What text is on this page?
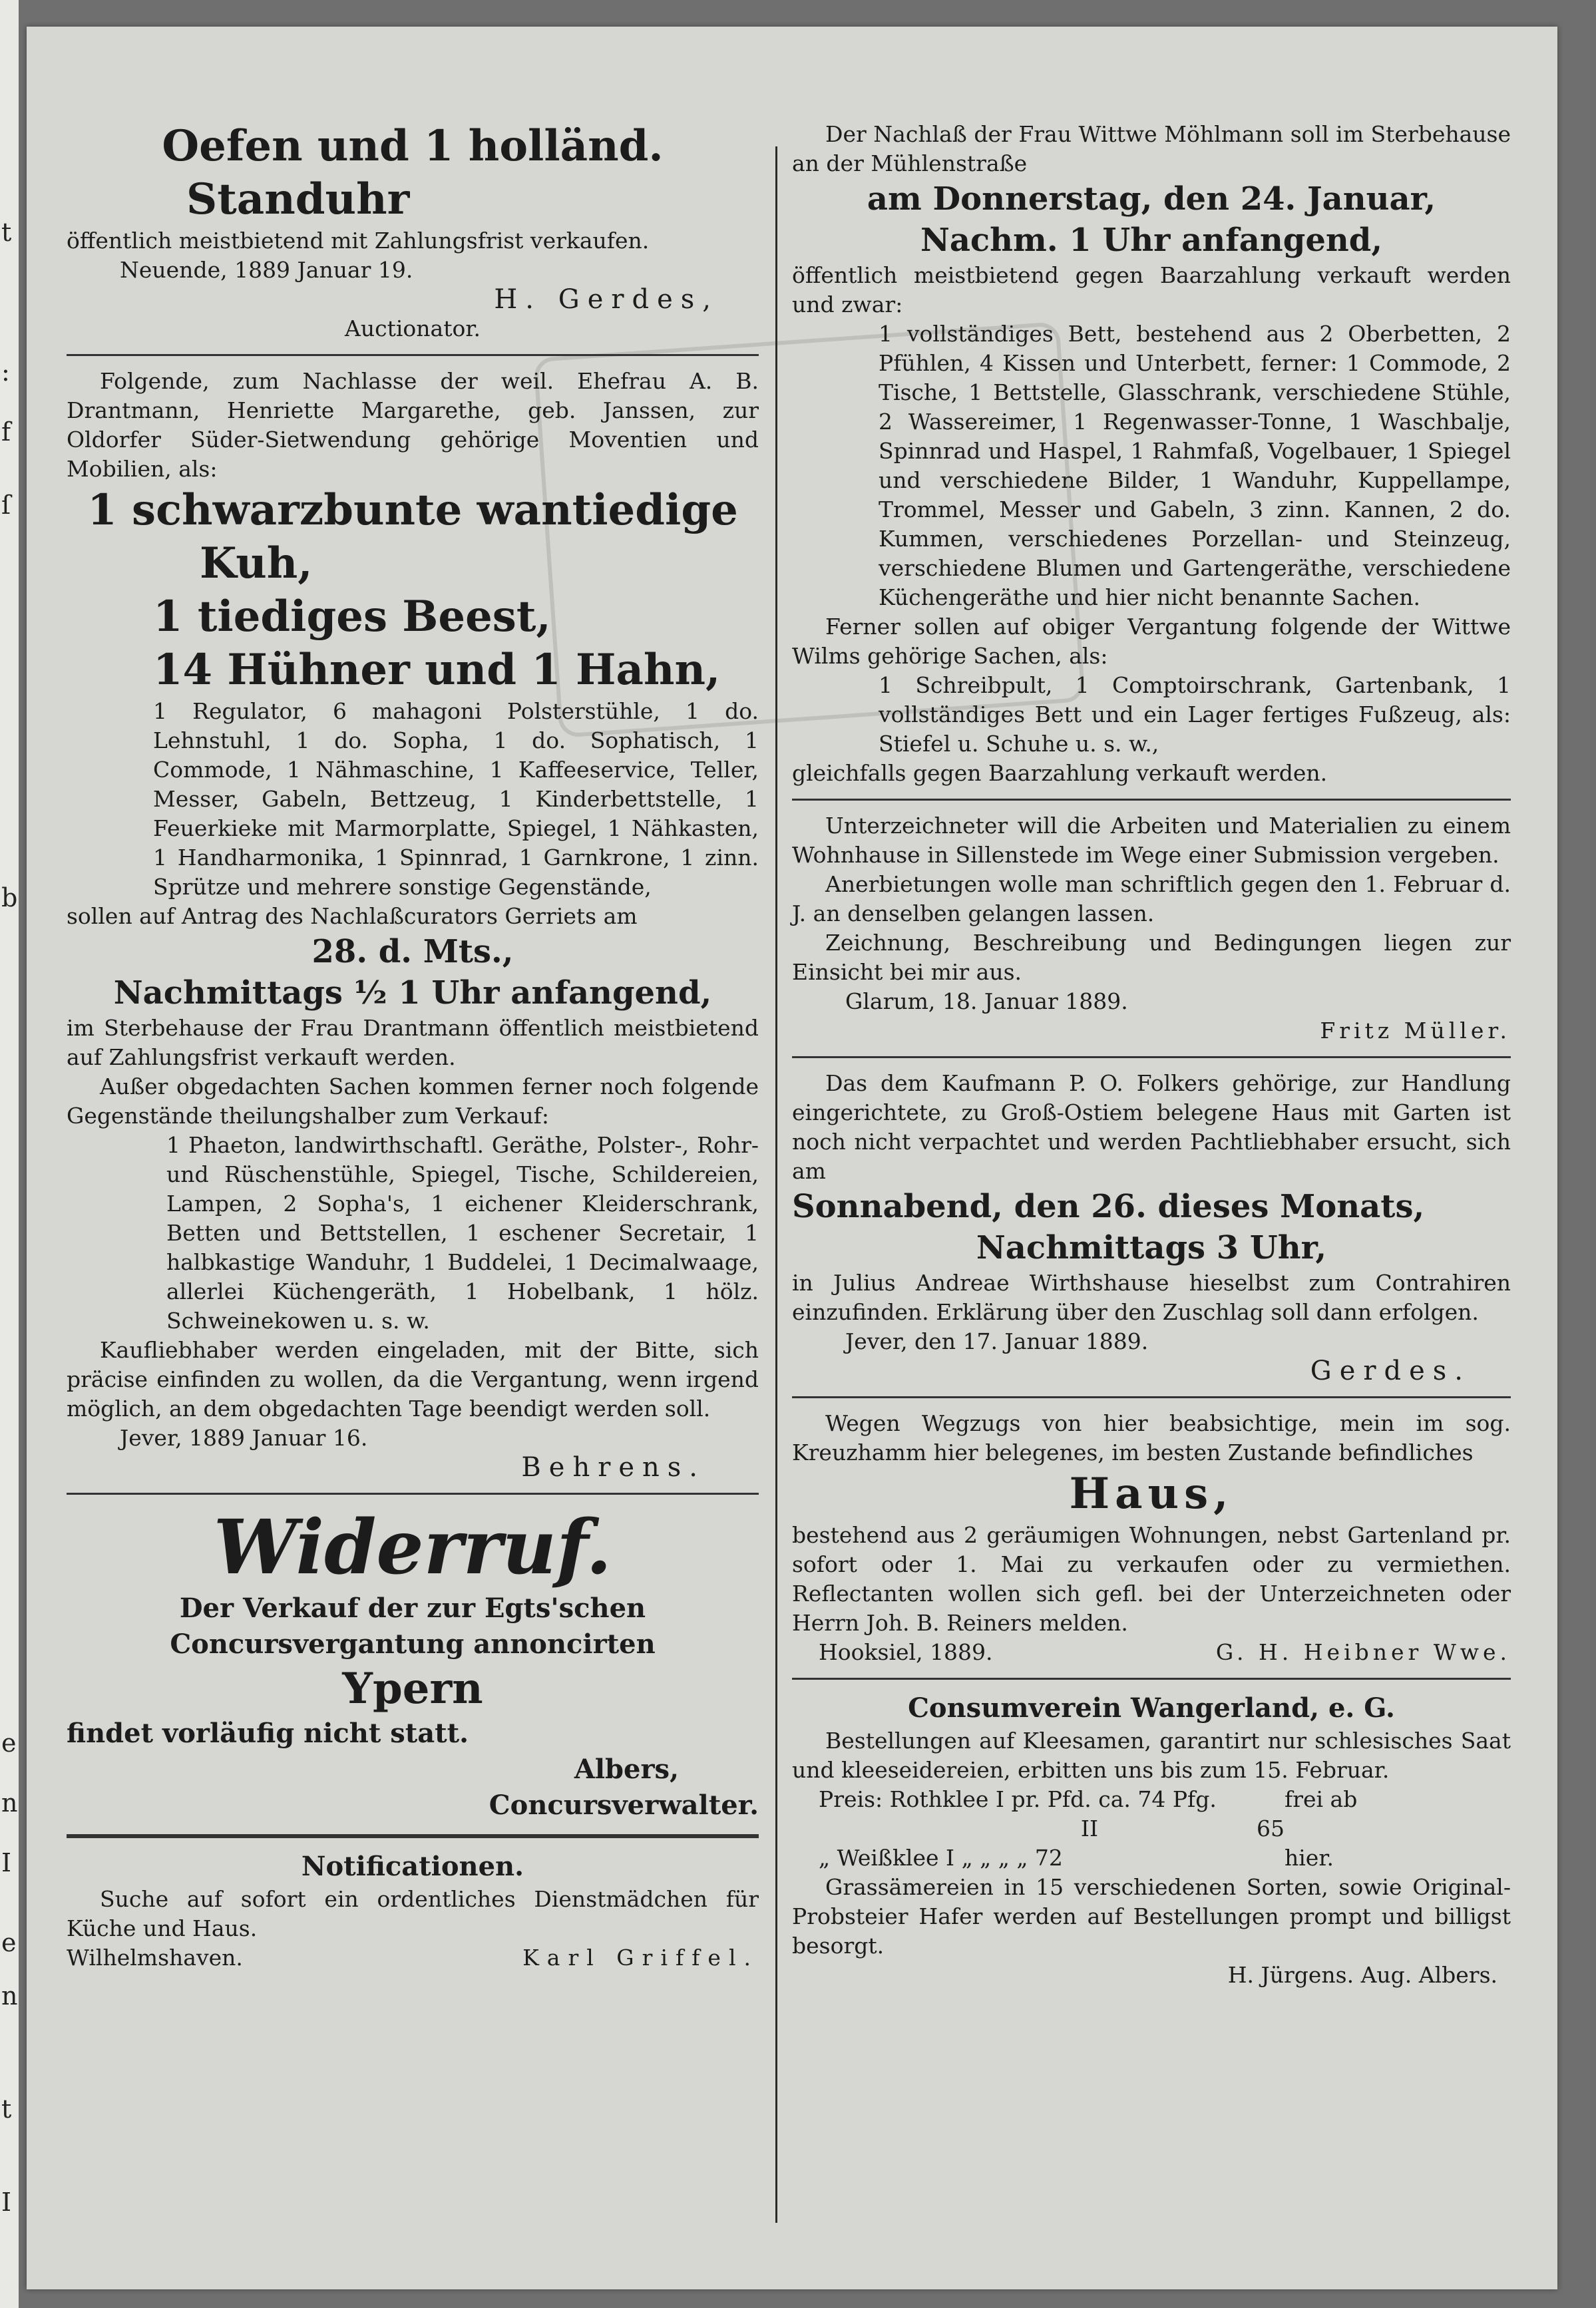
t
:
f
ſ
b
e
n
I
e
n
t
I

Oefen und 1 holländ.

Standuhr

öffentlich meistbietend mit Zahlungsfrist verkaufen.

Neuende, 1889 Januar 19.

H. Gerdes,

Auctionator.

Folgende, zum Nachlasse der weil. Ehefrau A. B. Drantmann, Henriette Margarethe, geb. Janssen, zur Oldorfer Süder-Sietwendung gehörige Moventien und Mobilien, als:

1 schwarzbunte wantiedige

Kuh,

1 tiediges Beest,

14 Hühner und 1 Hahn,

1 Regulator, 6 mahagoni Polsterstühle, 1 do. Lehnstuhl, 1 do. Sopha, 1 do. Sophatisch, 1 Commode, 1 Nähmaschine, 1 Kaffeeservice, Teller, Messer, Gabeln, Bettzeug, 1 Kinderbettstelle, 1 Feuerkieke mit Marmorplatte, Spiegel, 1 Nähkasten, 1 Handharmonika, 1 Spinnrad, 1 Garnkrone, 1 zinn. Sprütze und mehrere sonstige Gegenstände,

sollen auf Antrag des Nachlaßcurators Gerriets am

28. d. Mts.,

Nachmittags ½ 1 Uhr anfangend,

im Sterbehause der Frau Drantmann öffentlich meistbietend auf Zahlungsfrist verkauft werden.

Außer obgedachten Sachen kommen ferner noch folgende Gegenstände theilungshalber zum Verkauf:

1 Phaeton, landwirthschaftl. Geräthe, Polster-, Rohr- und Rüschenstühle, Spiegel, Tische, Schildereien, Lampen, 2 Sopha's, 1 eichener Kleiderschrank, Betten und Bettstellen, 1 eschener Secretair, 1 halbkastige Wanduhr, 1 Buddelei, 1 Decimalwaage, allerlei Küchengeräth, 1 Hobelbank, 1 hölz. Schweinekowen u. s. w.

Kaufliebhaber werden eingeladen, mit der Bitte, sich präcise einfinden zu wollen, da die Vergantung, wenn irgend möglich, an dem obgedachten Tage beendigt werden soll.

Jever, 1889 Januar 16.

Behrens.

Widerruf.

Der Verkauf der zur Egts'schen

Concursvergantung annoncirten

Ypern

findet vorläufig nicht statt.

Albers,

Concursverwalter.

Notificationen.

Suche auf sofort ein ordentliches Dienstmädchen für Küche und Haus.

Wilhelmshaven.	Karl Griffel.

Der Nachlaß der Frau Wittwe Möhlmann soll im Sterbehause an der Mühlenstraße

am Donnerstag, den 24. Januar,

Nachm. 1 Uhr anfangend,

öffentlich meistbietend gegen Baarzahlung verkauft werden und zwar:

1 vollständiges Bett, bestehend aus 2 Oberbetten, 2 Pfühlen, 4 Kissen und Unterbett, ferner: 1 Commode, 2 Tische, 1 Bettstelle, Glasschrank, verschiedene Stühle, 2 Wassereimer, 1 Regenwasser-Tonne, 1 Waschbalje, Spinnrad und Haspel, 1 Rahmfaß, Vogelbauer, 1 Spiegel und verschiedene Bilder, 1 Wanduhr, Kuppellampe, Trommel, Messer und Gabeln, 3 zinn. Kannen, 2 do. Kummen, verschiedenes Porzellan- und Steinzeug, verschiedene Blumen und Gartengeräthe, verschiedene Küchengeräthe und hier nicht benannte Sachen.

Ferner sollen auf obiger Vergantung folgende der Wittwe Wilms gehörige Sachen, als:

1 Schreibpult, 1 Comptoirschrank, Gartenbank, 1 vollständiges Bett und ein Lager fertiges Fußzeug, als: Stiefel u. Schuhe u. s. w.,

gleichfalls gegen Baarzahlung verkauft werden.

Unterzeichneter will die Arbeiten und Materialien zu einem Wohnhause in Sillenstede im Wege einer Submission vergeben.

Anerbietungen wolle man schriftlich gegen den 1. Februar d. J. an denselben gelangen lassen.

Zeichnung, Beschreibung und Bedingungen liegen zur Einsicht bei mir aus.

Glarum, 18. Januar 1889.

Fritz Müller.

Das dem Kaufmann P. O. Folkers gehörige, zur Handlung eingerichtete, zu Groß-Ostiem belegene Haus mit Garten ist noch nicht verpachtet und werden Pachtliebhaber ersucht, sich am

Sonnabend, den 26. dieses Monats,

Nachmittags 3 Uhr,

in Julius Andreae Wirthshause hieselbst zum Contrahiren einzufinden. Erklärung über den Zuschlag soll dann erfolgen.

Jever, den 17. Januar 1889.

Gerdes.

Wegen Wegzugs von hier beabsichtige, mein im sog. Kreuzhamm hier belegenes, im besten Zustande befindliches

Haus,

bestehend aus 2 geräumigen Wohnungen, nebst Gartenland pr. sofort oder 1. Mai zu verkaufen oder zu vermiethen. Reflectanten wollen sich gefl. bei der Unterzeichneten oder Herrn Joh. B. Reiners melden.

Hooksiel, 1889.	G. H. Heibner Wwe.

Consumverein Wangerland, e. G.

Bestellungen auf Kleesamen, garantirt nur schlesisches Saat und kleeseidereien, erbitten uns bis zum 15. Februar.

Preis: Rothklee I pr. Pfd. ca. 74 Pfg.	frei ab
II	65
„ Weißklee I „ „ „ „ 72	hier.

Grassämereien in 15 verschiedenen Sorten, sowie Original-Probsteier Hafer werden auf Bestellungen prompt und billigst besorgt.

H. Jürgens. Aug. Albers.
